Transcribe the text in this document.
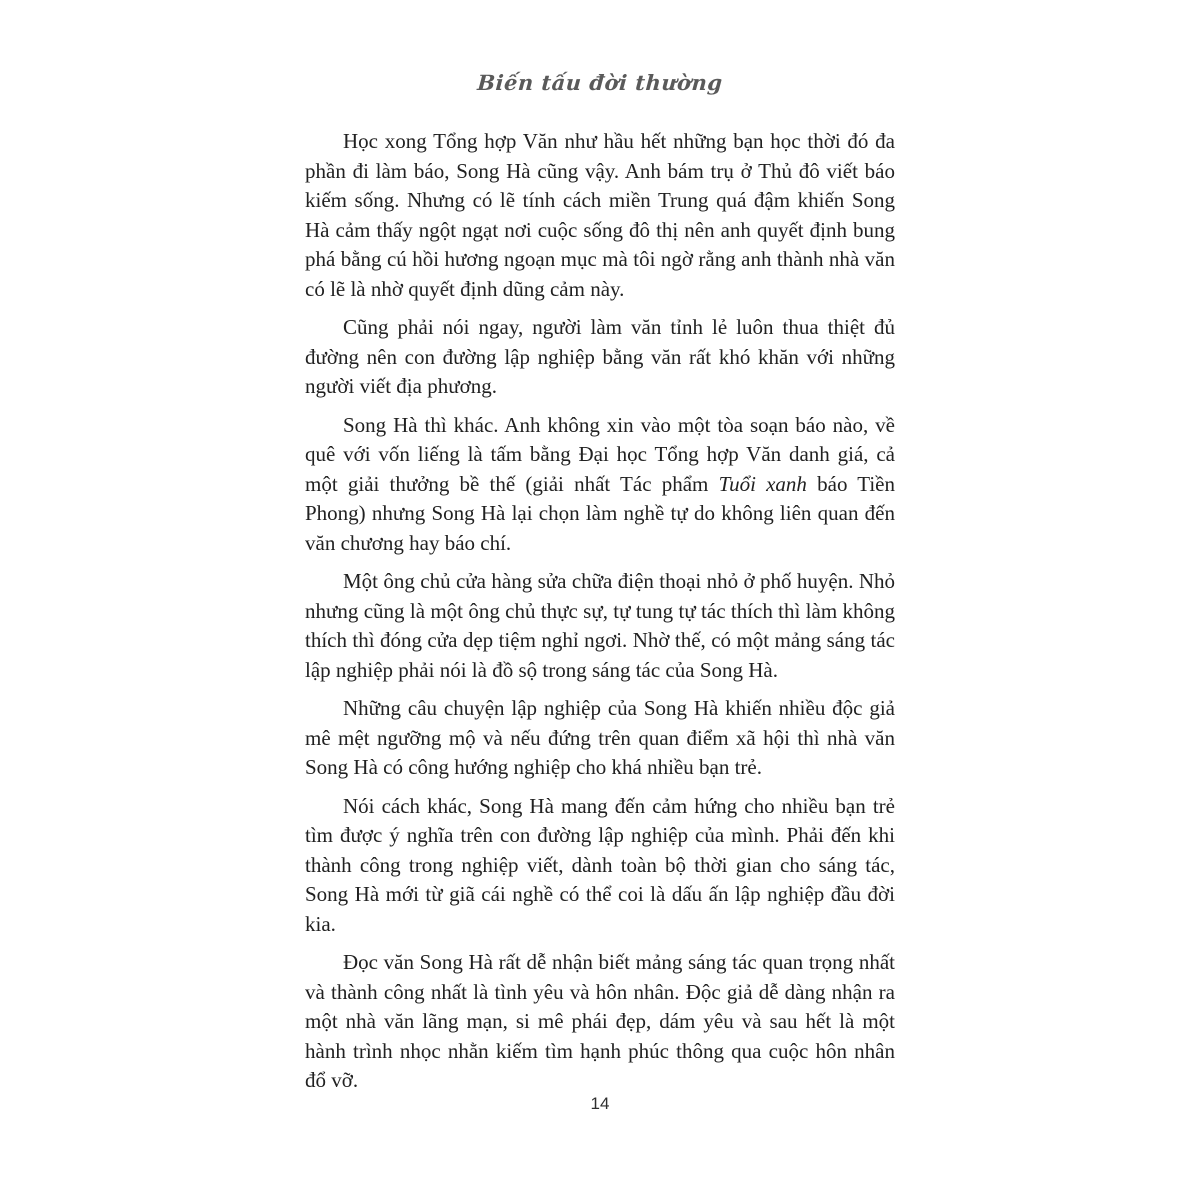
Biến tấu đời thường

Học xong Tổng hợp Văn như hầu hết những bạn học thời đó đa phần đi làm báo, Song Hà cũng vậy. Anh bám trụ ở Thủ đô viết báo kiếm sống. Nhưng có lẽ tính cách miền Trung quá đậm khiến Song Hà cảm thấy ngột ngạt nơi cuộc sống đô thị nên anh quyết định bung phá bằng cú hồi hương ngoạn mục mà tôi ngờ rằng anh thành nhà văn có lẽ là nhờ quyết định dũng cảm này.

Cũng phải nói ngay, người làm văn tỉnh lẻ luôn thua thiệt đủ đường nên con đường lập nghiệp bằng văn rất khó khăn với những người viết địa phương.

Song Hà thì khác. Anh không xin vào một tòa soạn báo nào, về quê với vốn liếng là tấm bằng Đại học Tổng hợp Văn danh giá, cả một giải thưởng bề thế (giải nhất Tác phẩm Tuổi xanh báo Tiền Phong) nhưng Song Hà lại chọn làm nghề tự do không liên quan đến văn chương hay báo chí.

Một ông chủ cửa hàng sửa chữa điện thoại nhỏ ở phố huyện. Nhỏ nhưng cũng là một ông chủ thực sự, tự tung tự tác thích thì làm không thích thì đóng cửa dẹp tiệm nghỉ ngơi. Nhờ thế, có một mảng sáng tác lập nghiệp phải nói là đồ sộ trong sáng tác của Song Hà.

Những câu chuyện lập nghiệp của Song Hà khiến nhiều độc giả mê mệt ngưỡng mộ và nếu đứng trên quan điểm xã hội thì nhà văn Song Hà có công hướng nghiệp cho khá nhiều bạn trẻ.

Nói cách khác, Song Hà mang đến cảm hứng cho nhiều bạn trẻ tìm được ý nghĩa trên con đường lập nghiệp của mình. Phải đến khi thành công trong nghiệp viết, dành toàn bộ thời gian cho sáng tác, Song Hà mới từ giã cái nghề có thể coi là dấu ấn lập nghiệp đầu đời kia.

Đọc văn Song Hà rất dễ nhận biết mảng sáng tác quan trọng nhất và thành công nhất là tình yêu và hôn nhân. Độc giả dễ dàng nhận ra một nhà văn lãng mạn, si mê phái đẹp, dám yêu và sau hết là một hành trình nhọc nhằn kiếm tìm hạnh phúc thông qua cuộc hôn nhân đổ vỡ.

14
